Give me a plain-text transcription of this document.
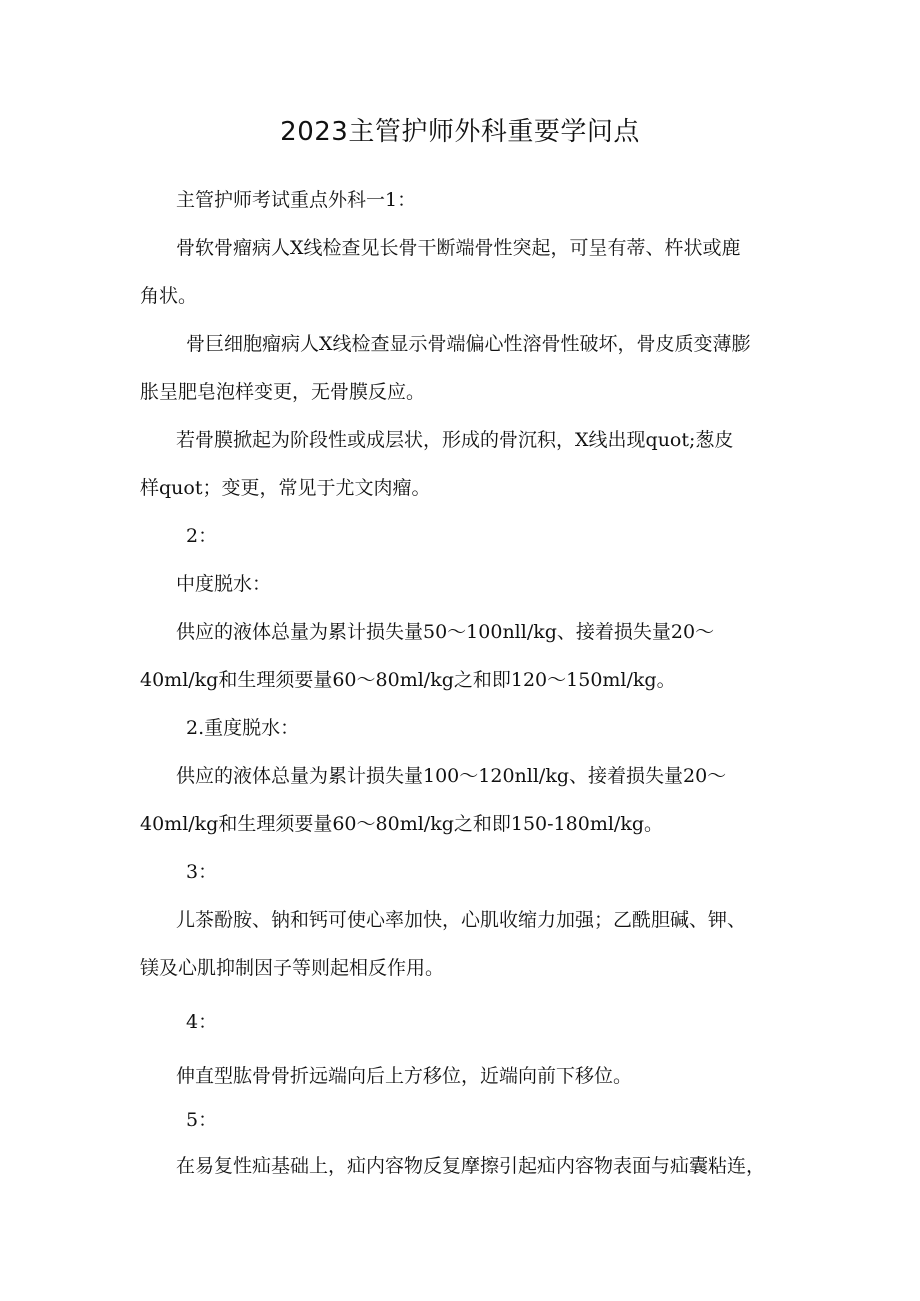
2023主管护师外科重要学问点

主管护师考试重点外科一1：

骨软骨瘤病人X线检查见长骨干断端骨性突起，可呈有蒂、杵状或鹿

角状。

骨巨细胞瘤病人X线检查显示骨端偏心性溶骨性破坏，骨皮质变薄膨

胀呈肥皂泡样变更，无骨膜反应。

若骨膜掀起为阶段性或成层状，形成的骨沉积，X线出现quot;葱皮

样quot；变更，常见于尤文肉瘤。

2：

中度脱水：

供应的液体总量为累计损失量50～100nll/kg、接着损失量20～

40ml/kg和生理须要量60～80ml/kg之和即120～150ml/kg。

2.重度脱水：

供应的液体总量为累计损失量100～120nll/kg、接着损失量20～

40ml/kg和生理须要量60～80ml/kg之和即150-180ml/kg。

3：

儿茶酚胺、钠和钙可使心率加快，心肌收缩力加强；乙酰胆碱、钾、

镁及心肌抑制因子等则起相反作用。

4：

伸直型肱骨骨折远端向后上方移位，近端向前下移位。

5：

在易复性疝基础上，疝内容物反复摩擦引起疝内容物表面与疝囊粘连，
